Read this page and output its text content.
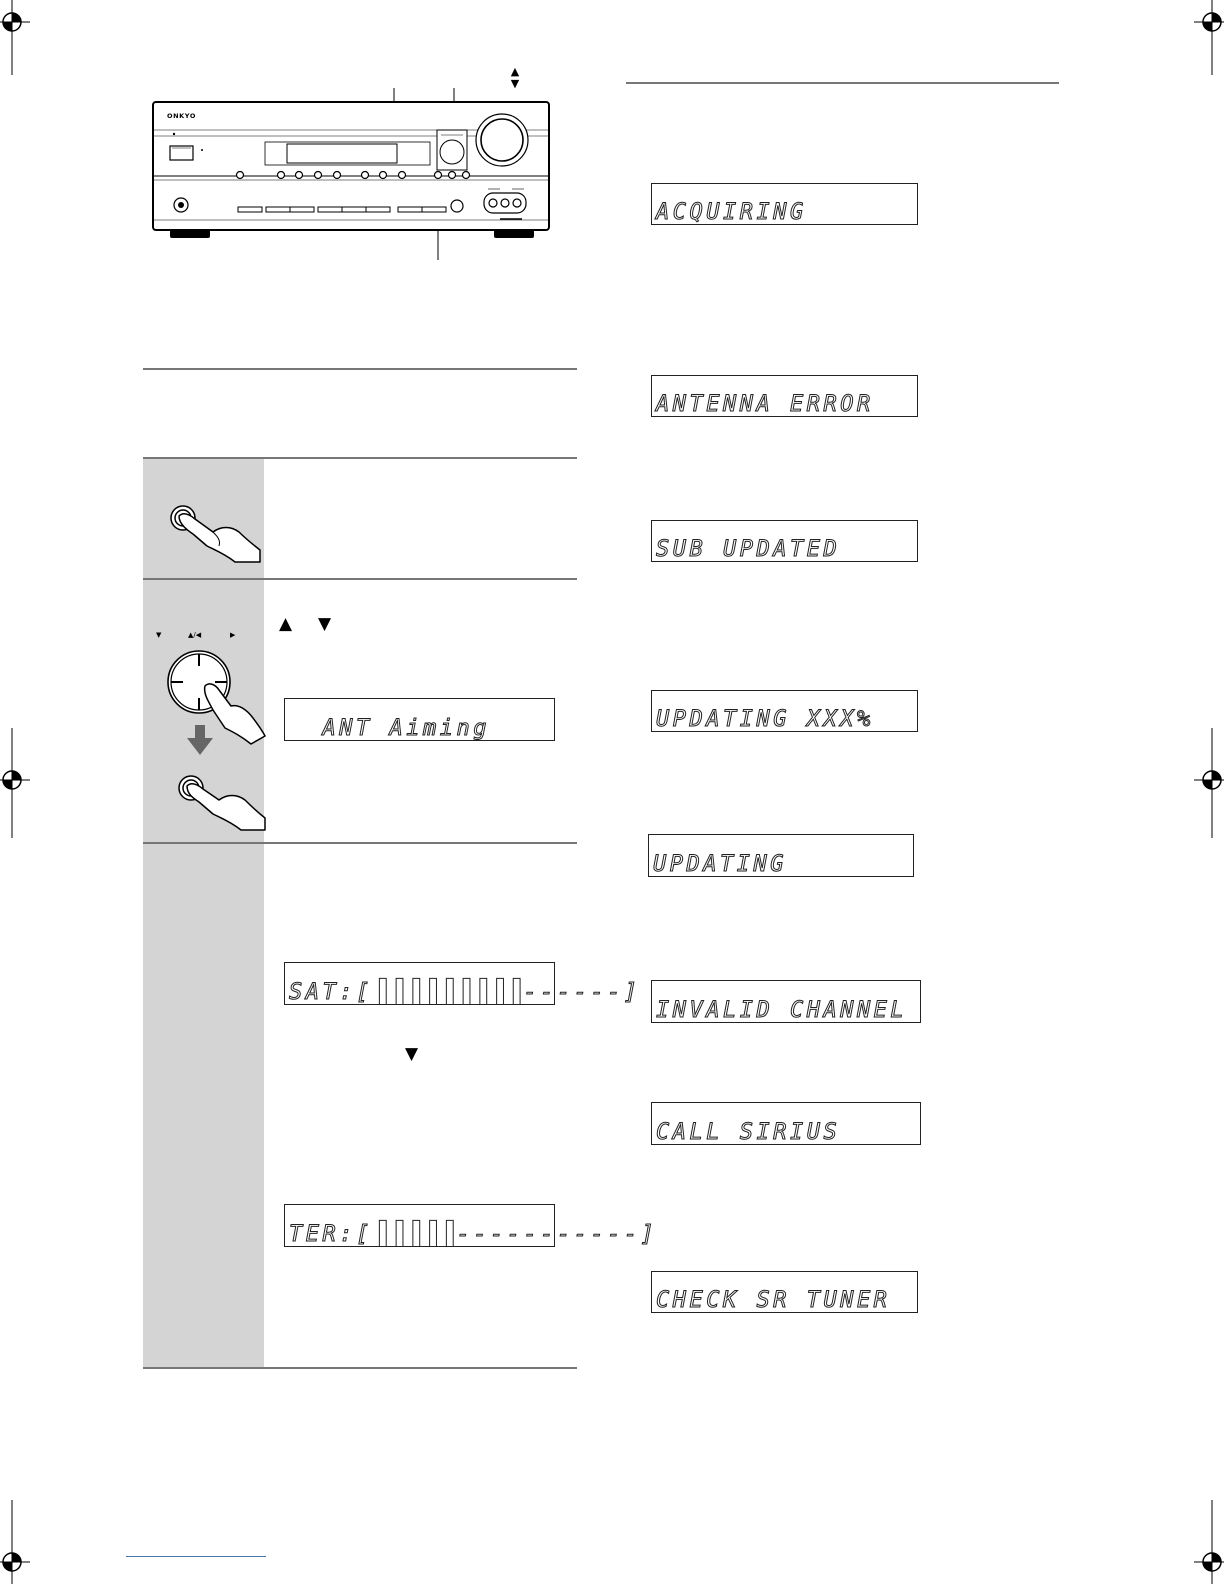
ONKYO
▲
▼
▼	▲/◀	▶
▲ ▼
ANT Aiming
SAT:[▐▐▐▐▐▐▐▐▐------]
▼
TER:[▐▐▐▐▐-----------]
ACQUIRING
ANTENNA ERROR
SUB UPDATED
UPDATING XXX%
UPDATING
INVALID CHANNEL
CALL SIRIUS
CHECK SR TUNER
